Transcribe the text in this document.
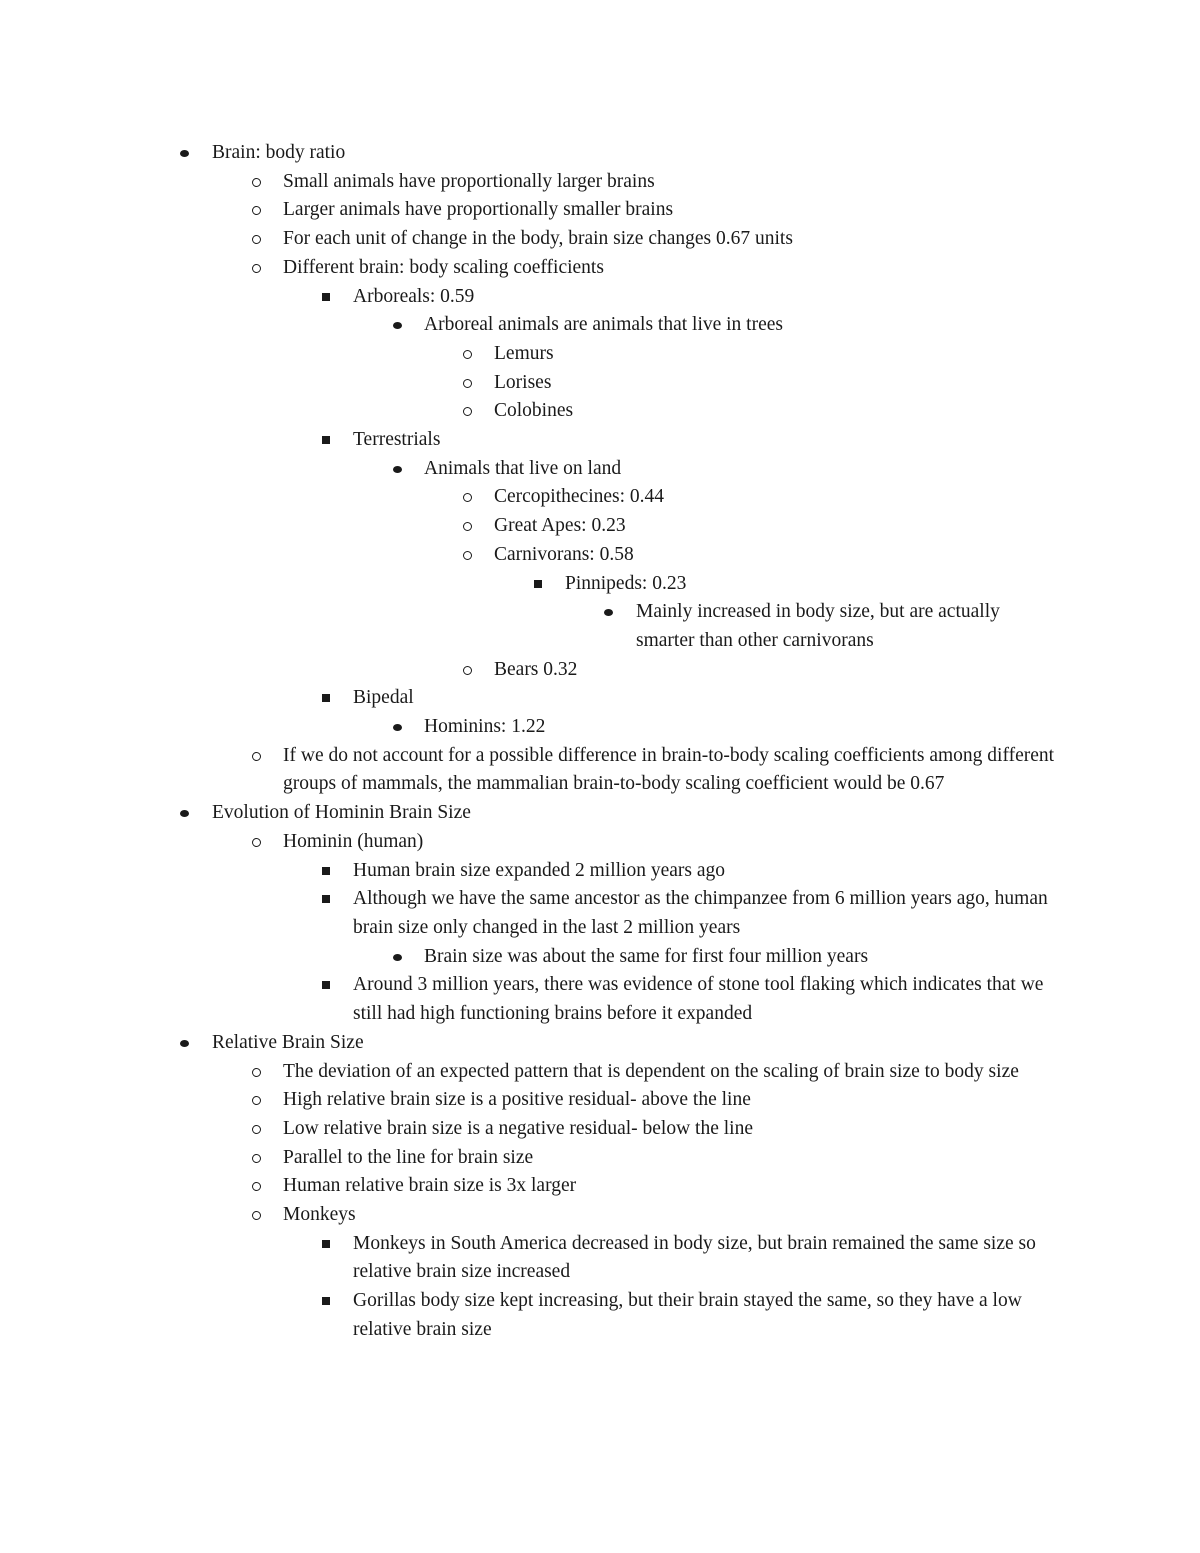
Brain: body ratio
Small animals have proportionally larger brains
Larger animals have proportionally smaller brains
For each unit of change in the body, brain size changes 0.67 units
Different brain: body scaling coefficients
Arboreals: 0.59
Arboreal animals are animals that live in trees
Lemurs
Lorises
Colobines
Terrestrials
Animals that live on land
Cercopithecines: 0.44
Great Apes: 0.23
Carnivorans: 0.58
Pinnipeds: 0.23
Mainly increased in body size, but are actually smarter than other carnivorans
Bears 0.32
Bipedal
Hominins: 1.22
If we do not account for a possible difference in brain-to-body scaling coefficients among different groups of mammals, the mammalian brain-to-body scaling coefficient would be 0.67
Evolution of Hominin Brain Size
Hominin (human)
Human brain size expanded 2 million years ago
Although we have the same ancestor as the chimpanzee from 6 million years ago, human brain size only changed in the last 2 million years
Brain size was about the same for first four million years
Around 3 million years, there was evidence of stone tool flaking which indicates that we still had high functioning brains before it expanded
Relative Brain Size
The deviation of an expected pattern that is dependent on the scaling of brain size to body size
High relative brain size is a positive residual- above the line
Low relative brain size is a negative residual- below the line
Parallel to the line for brain size
Human relative brain size is 3x larger
Monkeys
Monkeys in South America decreased in body size, but brain remained the same size so relative brain size increased
Gorillas body size kept increasing, but their brain stayed the same, so they have a low relative brain size
